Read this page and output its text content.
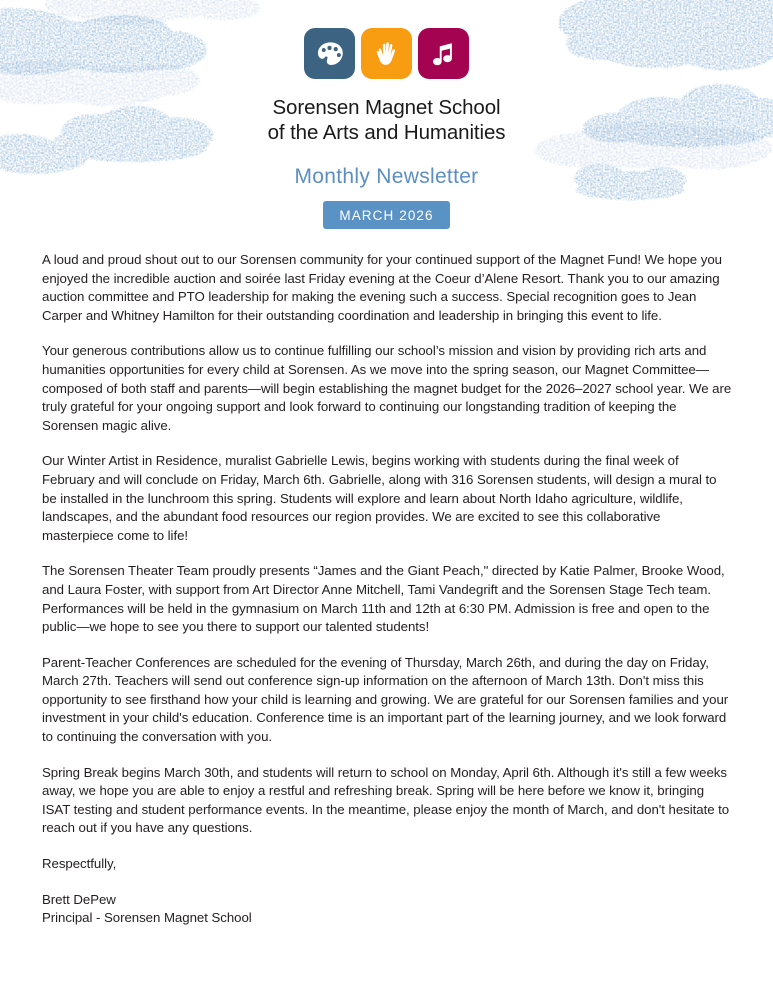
Sorensen Magnet School
of the Arts and Humanities
Monthly Newsletter
MARCH 2026

A loud and proud shout out to our Sorensen community for your continued support of the Magnet Fund! We hope you enjoyed the incredible auction and soirée last Friday evening at the Coeur d’Alene Resort. Thank you to our amazing auction committee and PTO leadership for making the evening such a success. Special recognition goes to Jean Carper and Whitney Hamilton for their outstanding coordination and leadership in bringing this event to life.

Your generous contributions allow us to continue fulfilling our school’s mission and vision by providing rich arts and humanities opportunities for every child at Sorensen. As we move into the spring season, our Magnet Committee—composed of both staff and parents—will begin establishing the magnet budget for the 2026–2027 school year. We are truly grateful for your ongoing support and look forward to continuing our longstanding tradition of keeping the Sorensen magic alive.

Our Winter Artist in Residence, muralist Gabrielle Lewis, begins working with students during the final week of February and will conclude on Friday, March 6th. Gabrielle, along with 316 Sorensen students, will design a mural to be installed in the lunchroom this spring. Students will explore and learn about North Idaho agriculture, wildlife, landscapes, and the abundant food resources our region provides. We are excited to see this collaborative masterpiece come to life!

The Sorensen Theater Team proudly presents “James and the Giant Peach," directed by Katie Palmer, Brooke Wood, and Laura Foster, with support from Art Director Anne Mitchell, Tami Vandegrift and the Sorensen Stage Tech team. Performances will be held in the gymnasium on March 11th and 12th at 6:30 PM. Admission is free and open to the public—we hope to see you there to support our talented students!

Parent-Teacher Conferences are scheduled for the evening of Thursday, March 26th, and during the day on Friday, March 27th. Teachers will send out conference sign-up information on the afternoon of March 13th. Don't miss this opportunity to see firsthand how your child is learning and growing. We are grateful for our Sorensen families and your investment in your child's education. Conference time is an important part of the learning journey, and we look forward to continuing the conversation with you.

Spring Break begins March 30th, and students will return to school on Monday, April 6th. Although it's still a few weeks away, we hope you are able to enjoy a restful and refreshing break. Spring will be here before we know it, bringing ISAT testing and student performance events. In the meantime, please enjoy the month of March, and don't hesitate to reach out if you have any questions.

Respectfully,

Brett DePew
Principal - Sorensen Magnet School
